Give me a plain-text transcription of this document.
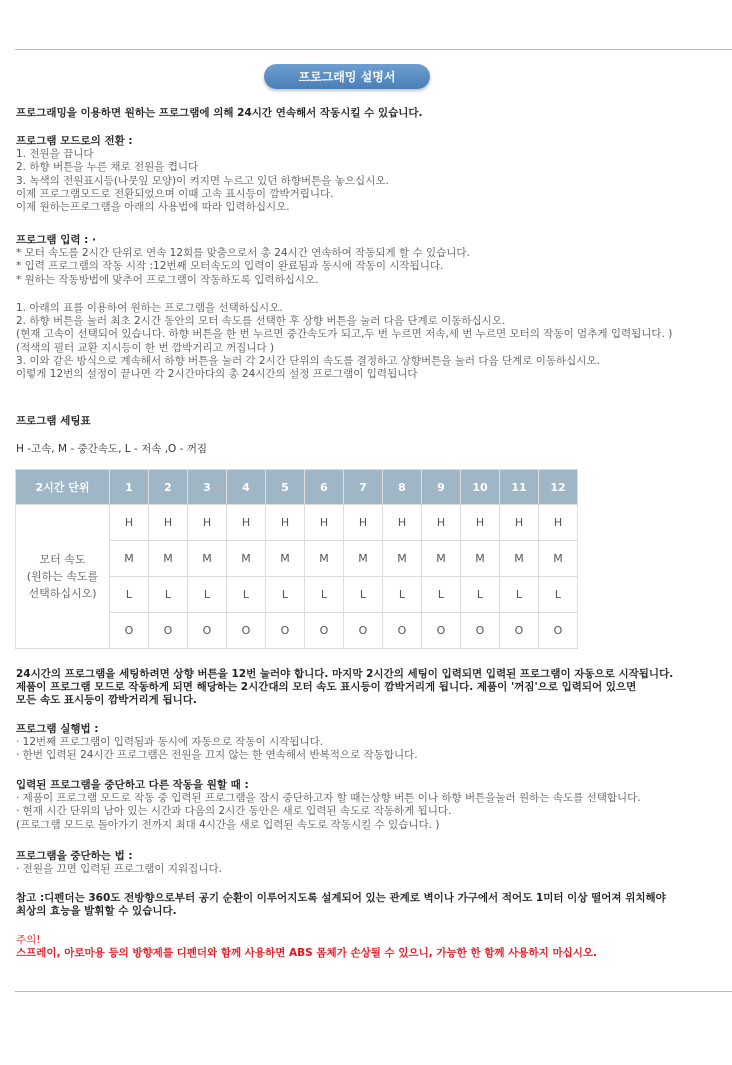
프로그래밍 설명서
프로그래밍을 이용하면 원하는 프로그램에 의해 24시간 연속해서 작동시킬 수 있습니다.
프로그램 모드로의 전환 :
1. 전원을 끕니다
2. 하향 버튼을 누른 채로 전원을 켭니다
3. 녹색의 전원표시등(나뭇잎 모양)이 켜지면 누르고 있던 하향버튼을 놓으십시오.
이제 프로그램모드로 전환되었으며 이때 고속 표시등이 깜박거립니다.
이제 원하는프로그램을 아래의 사용법에 따라 입력하십시오.
프로그램 입력 : ·
* 모터 속도를 2시간 단위로 연속 12회를 맞춤으로서 총 24시간 연속하여 작동되게 할 수 있습니다.
* 입력 프로그램의 작동 시작 :12번째 모터속도의 입력이 완료됨과 동시에 작동이 시작됩니다.
* 원하는 작동방법에 맞추어 프로그램이 작동하도록 입력하십시오.
1. 아래의 표를 이용하여 원하는 프로그램을 선택하십시오.
2. 하향 버튼을 눌러 최초 2시간 동안의 모터 속도를 선택한 후 상향 버튼을 눌러 다음 단계로 이동하십시오.
(현재 고속이 선택되어 있습니다. 하향 버튼을 한 번 누르면 중간속도가 되고,두 번 누르면 저속,세 번 누르면 모터의 작동이 멈추게 입력됩니다. )
(적색의 필터 교환 지시등이 한 번 깜박거리고 꺼집니다 )
3. 이와 같은 방식으로 계속해서 하향 버튼을 눌러 각 2시간 단위의 속도를 결정하고 상향버튼을 눌러 다음 단계로 이동하십시오.
이렇게 12번의 설정이 끝나면 각 2시간마다의 총 24시간의 설정 프로그램이 입력됩니다
프로그램 세팅표
H -고속, M - 중간속도, L - 저속 ,O - 꺼짐
2시간 단위	1	2	3	4	5	6	7	8	9	10	11	12

모터 속도
(원하는 속도를
선택하십시오)	H	H	H	H	H	H	H	H	H	H	H	H
	M	M	M	M	M	M	M	M	M	M	M	M
	L	L	L	L	L	L	L	L	L	L	L	L
	O	O	O	O	O	O	O	O	O	O	O	O
24시간의 프로그램을 세팅하려면 상향 버튼을 12번 눌러야 합니다. 마지막 2시간의 세팅이 입력되면 입력된 프로그램이 자동으로 시작됩니다.
제품이 프로그램 모드로 작동하게 되면 해당하는 2시간대의 모터 속도 표시등이 깜박거리게 됩니다. 제품이 '꺼짐'으로 입력되어 있으면
모든 속도 표시등이 깜박거리게 됩니다.
프로그램 실행법 :
· 12번째 프로그램이 입력됨과 동시에 자동으로 작동이 시작됩니다.
· 한번 입력된 24시간 프로그램은 전원을 끄지 않는 한 연속해서 반복적으로 작동합니다.
입력된 프로그램을 중단하고 다른 작동을 원할 때 :
· 제품이 프로그램 모드로 작동 중 입력된 프로그램을 잠시 중단하고자 할 때는상향 버튼 이나 하향 버튼을눌러 원하는 속도를 선택합니다.
· 현재 시간 단위의 남아 있는 시간과 다음의 2시간 동안은 새로 입력된 속도로 작동하게 됩니다.
(프로그램 모드로 돌아가기 전까지 최대 4시간을 새로 입력된 속도로 작동시킬 수 있습니다. )
프로그램을 중단하는 법 :
· 전원을 끄면 입력된 프로그램이 지워집니다.
참고 :디펜더는 360도 전방향으로부터 공기 순환이 이루어지도록 설계되어 있는 관계로 벽이나 가구에서 적어도 1미터 이상 떨어져 위치해야
최상의 효능을 발휘할 수 있습니다.
주의!
스프레이, 아로마용 등의 방향제를 디펜더와 함께 사용하면 ABS 몸체가 손상될 수 있으니, 가능한 한 함께 사용하지 마십시오.
